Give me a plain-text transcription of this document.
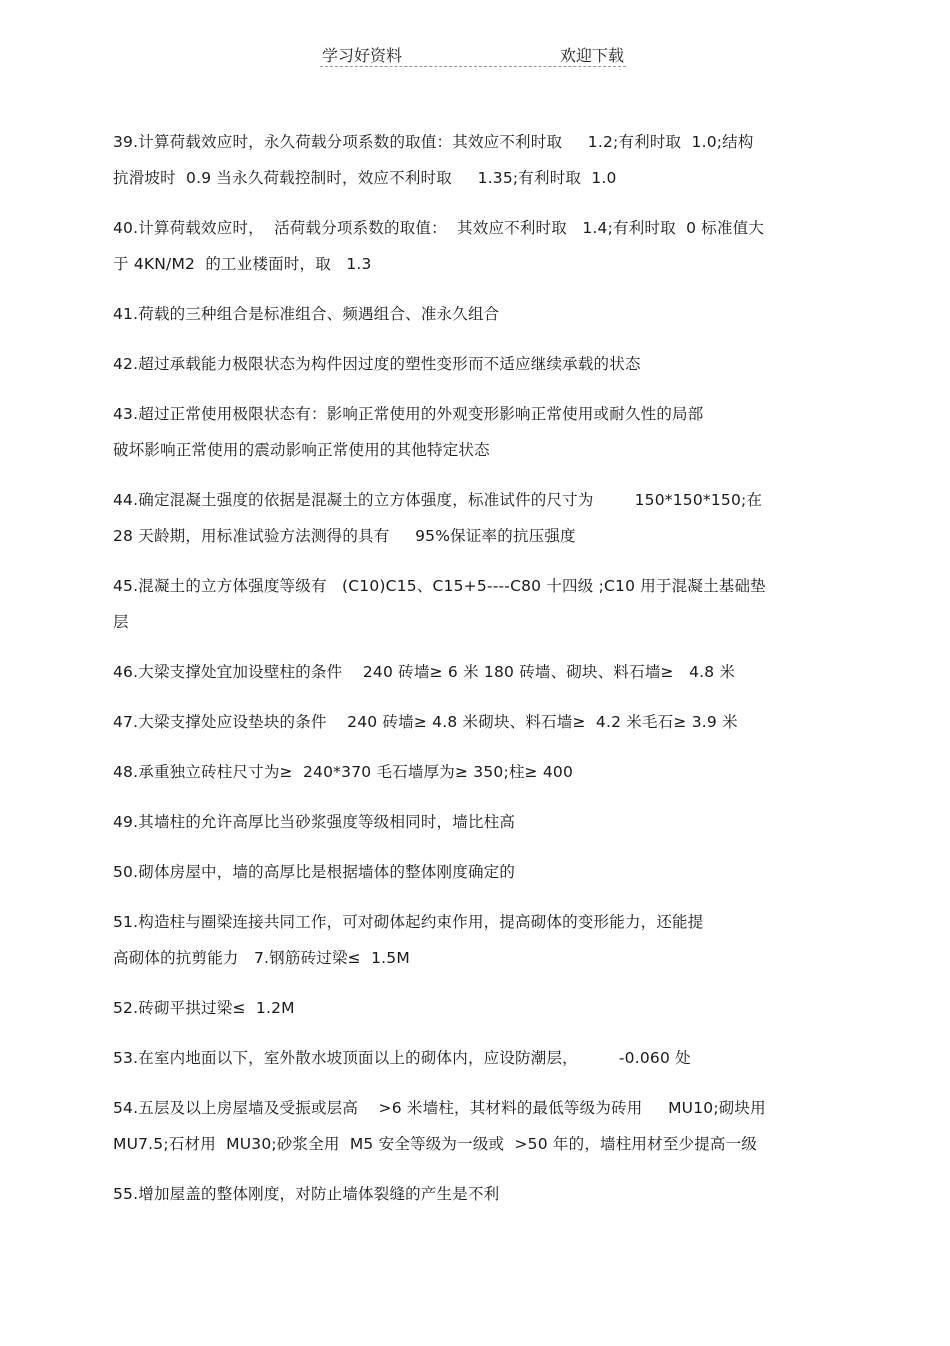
学习好资料	欢迎下载
39.计算荷载效应时，永久荷载分项系数的取值：其效应不利时取     1.2;有利时取  1.0;结构
抗滑坡时  0.9 当永久荷载控制时，效应不利时取     1.35;有利时取  1.0
40.计算荷载效应时，  活荷载分项系数的取值：  其效应不利时取   1.4;有利时取  0 标准值大
于 4KN/M2  的工业楼面时，取   1.3
41.荷载的三种组合是标准组合、频遇组合、准永久组合
42.超过承载能力极限状态为构件因过度的塑性变形而不适应继续承载的状态
43.超过正常使用极限状态有：影响正常使用的外观变形影响正常使用或耐久性的局部
破坏影响正常使用的震动影响正常使用的其他特定状态
44.确定混凝土强度的依据是混凝土的立方体强度，标准试件的尺寸为        150*150*150;在
28 天龄期，用标准试验方法测得的具有     95%保证率的抗压强度
45.混凝土的立方体强度等级有   (C10)C15、C15+5----C80 十四级 ;C10 用于混凝土基础垫
层
46.大梁支撑处宜加设壁柱的条件    240 砖墙≥ 6 米 180 砖墙、砌块、料石墙≥   4.8 米
47.大梁支撑处应设垫块的条件    240 砖墙≥ 4.8 米砌块、料石墙≥  4.2 米毛石≥ 3.9 米
48.承重独立砖柱尺寸为≥  240*370 毛石墙厚为≥ 350;柱≥ 400
49.其墙柱的允许高厚比当砂浆强度等级相同时，墙比柱高
50.砌体房屋中，墙的高厚比是根据墙体的整体刚度确定的
51.构造柱与圈梁连接共同工作，可对砌体起约束作用，提高砌体的变形能力，还能提
高砌体的抗剪能力   7.钢筋砖过梁≤  1.5M
52.砖砌平拱过梁≤  1.2M
53.在室内地面以下，室外散水坡顶面以上的砌体内，应设防潮层，        -0.060 处
54.五层及以上房屋墙及受振或层高    >6 米墙柱，其材料的最低等级为砖用     MU10;砌块用
MU7.5;石材用  MU30;砂浆全用  M5 安全等级为一级或  >50 年的，墙柱用材至少提高一级
55.增加屋盖的整体刚度，对防止墙体裂缝的产生是不利
